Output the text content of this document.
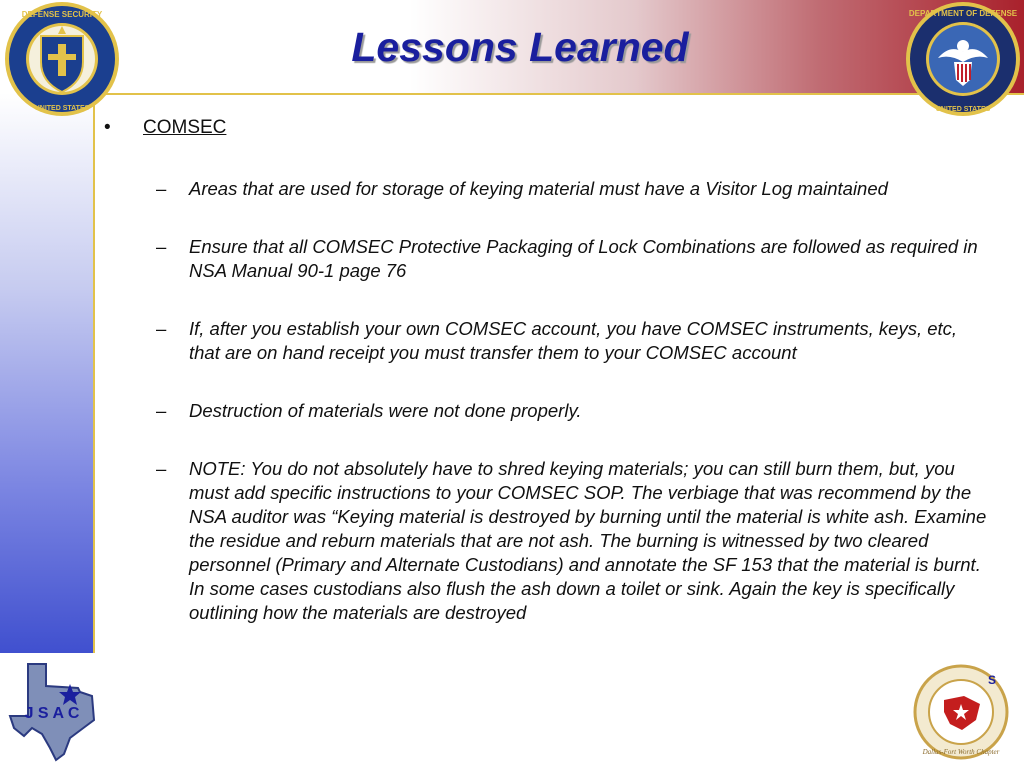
Lessons Learned
DEFENSE SECURITY
UNITED STATES
DEPARTMENT OF DEFENSE
UNITED STATES
J S A C
S
Dallas-Fort Worth Chapter
• COMSEC
– Areas that are used for storage of keying material must have a Visitor Log maintained
– Ensure that all COMSEC Protective Packaging of Lock Combinations are followed as required in NSA Manual 90-1 page 76
– If, after you establish your own COMSEC account, you have COMSEC instruments, keys, etc, that are on hand receipt you must transfer them to your COMSEC account
– Destruction of materials were not done properly.
– NOTE: You do not absolutely have to shred keying materials; you can still burn them, but, you must add specific instructions to your COMSEC SOP. The verbiage that was recommend by the NSA auditor was “Keying material is destroyed by burning until the material is white ash. Examine the residue and reburn materials that are not ash. The burning is witnessed by two cleared personnel (Primary and Alternate Custodians) and annotate the SF 153 that the material is burnt. In some cases custodians also flush the ash down a toilet or sink. Again the key is specifically outlining how the materials are destroyed
